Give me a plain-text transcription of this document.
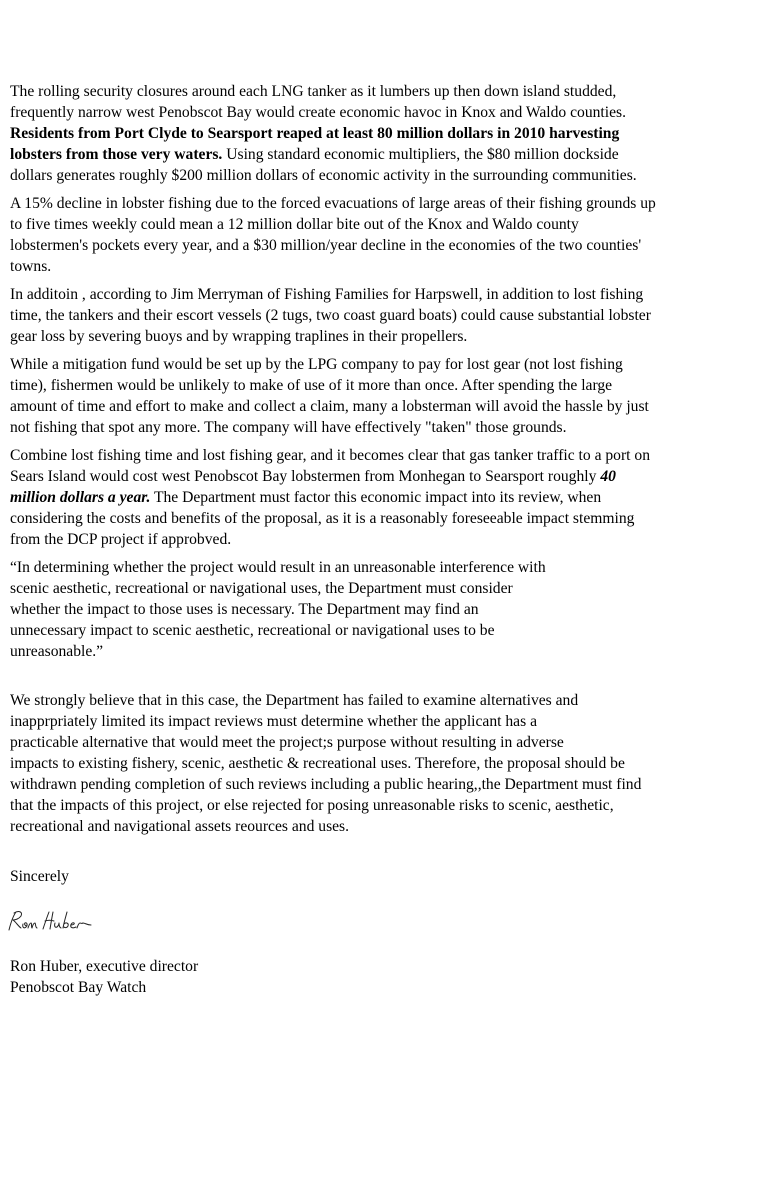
The rolling security closures around each LNG tanker as it lumbers up then down island studded,
frequently narrow west Penobscot Bay would create economic havoc in Knox and Waldo counties.
Residents from Port Clyde to Searsport reaped at least 80 million dollars in 2010 harvesting
lobsters from those very waters. Using standard economic multipliers, the $80 million dockside
dollars generates roughly $200 million dollars of economic activity in the surrounding communities.
A 15% decline in lobster fishing due to the forced evacuations of large areas of their fishing grounds up
to five times weekly could mean a 12 million dollar bite out of the Knox and Waldo county
lobstermen's pockets every year, and a $30 million/year decline in the economies of the two counties'
towns.
In additoin , according to Jim Merryman of Fishing Families for Harpswell, in addition to lost fishing
time, the tankers and their escort vessels (2 tugs, two coast guard boats) could cause substantial lobster
gear loss by severing buoys and by wrapping traplines in their propellers.
While a mitigation fund would be set up by the LPG company to pay for lost gear (not lost fishing
time), fishermen would be unlikely to make of use of it more than once. After spending the large
amount of time and effort to make and collect a claim, many a lobsterman will avoid the hassle by just
not fishing that spot any more. The company will have effectively "taken" those grounds.
Combine lost fishing time and lost fishing gear, and it becomes clear that gas tanker traffic to a port on
Sears Island would cost west Penobscot Bay lobstermen from Monhegan to Searsport roughly 40
million dollars a year. The Department must factor this economic impact into its review, when
considering the costs and benefits of the proposal, as it is a reasonably foreseeable impact stemming
from the DCP project if approbved.
“In determining whether the project would result in an unreasonable interference with
scenic aesthetic, recreational or navigational uses, the Department must consider
whether the impact to those uses is necessary. The Department may find an
unnecessary impact to scenic aesthetic, recreational or navigational uses to be
unreasonable.”
We strongly believe that in this case, the Department has failed to examine alternatives and
inapprpriately limited its impact reviews must determine whether the applicant has a
practicable alternative that would meet the project;s purpose without resulting in adverse
impacts to existing fishery, scenic, aesthetic & recreational uses. Therefore, the proposal should be
withdrawn pending completion of such reviews including a public hearing,,the Department must find
that the impacts of this project, or else rejected for posing unreasonable risks to scenic, aesthetic,
recreational and navigational assets reources and uses.
Sincerely
Ron Huber, executive director
Penobscot Bay Watch
